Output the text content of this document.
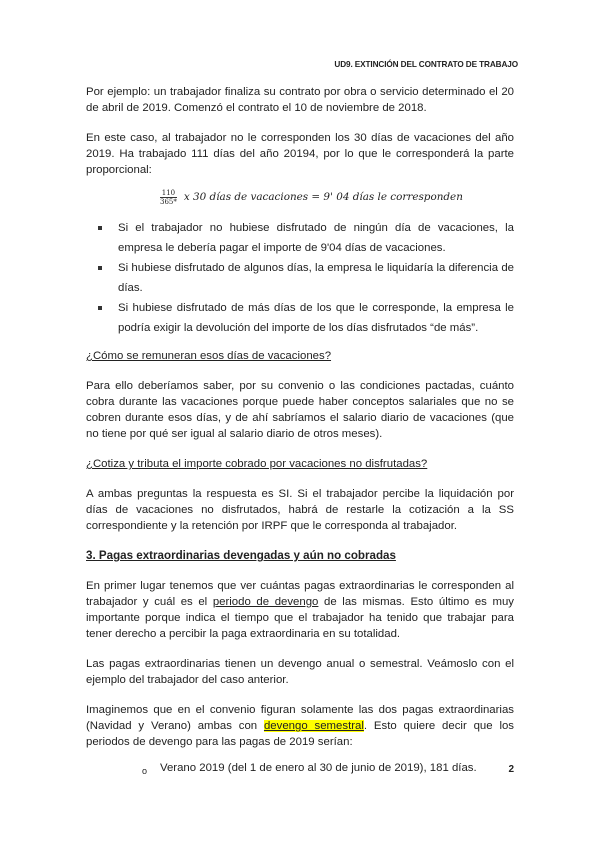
UD9. EXTINCIÓN DEL CONTRATO DE TRABAJO

Por ejemplo: un trabajador finaliza su contrato por obra o servicio determinado el 20 de abril de 2019. Comenzó el contrato el 10 de noviembre de 2018.

En este caso, al trabajador no le corresponden los 30 días de vacaciones del año 2019. Ha trabajado 111 días del año 20194, por lo que le corresponderá la parte proporcional:

$\frac{110}{365*}$ x 30 días de vacaciones = 9' 04 días le corresponden
Si el trabajador no hubiese disfrutado de ningún día de vacaciones, la empresa le debería pagar el importe de 9'04 días de vacaciones.
Si hubiese disfrutado de algunos días, la empresa le liquidaría la diferencia de días.
Si hubiese disfrutado de más días de los que le corresponde, la empresa le podría exigir la devolución del importe de los días disfrutados “de más”.

¿Cómo se remuneran esos días de vacaciones?

Para ello deberíamos saber, por su convenio o las condiciones pactadas, cuánto cobra durante las vacaciones porque puede haber conceptos salariales que no se cobren durante esos días, y de ahí sabríamos el salario diario de vacaciones (que no tiene por qué ser igual al salario diario de otros meses).

¿Cotiza y tributa el importe cobrado por vacaciones no disfrutadas?

A ambas preguntas la respuesta es SI. Si el trabajador percibe la liquidación por días de vacaciones no disfrutados, habrá de restarle la cotización a la SS correspondiente y la retención por IRPF que le corresponda al trabajador.

3. Pagas extraordinarias devengadas y aún no cobradas

En primer lugar tenemos que ver cuántas pagas extraordinarias le corresponden al trabajador y cuál es el periodo de devengo de las mismas. Esto último es muy importante porque indica el tiempo que el trabajador ha tenido que trabajar para tener derecho a percibir la paga extraordinaria en su totalidad.

Las pagas extraordinarias tienen un devengo anual o semestral. Veámoslo con el ejemplo del trabajador del caso anterior.

Imaginemos que en el convenio figuran solamente las dos pagas extraordinarias (Navidad y Verano) ambas con devengo semestral. Esto quiere decir que los periodos de devengo para las pagas de 2019 serían:

o Verano 2019 (del 1 de enero al 30 de junio de 2019), 181 días.	2
